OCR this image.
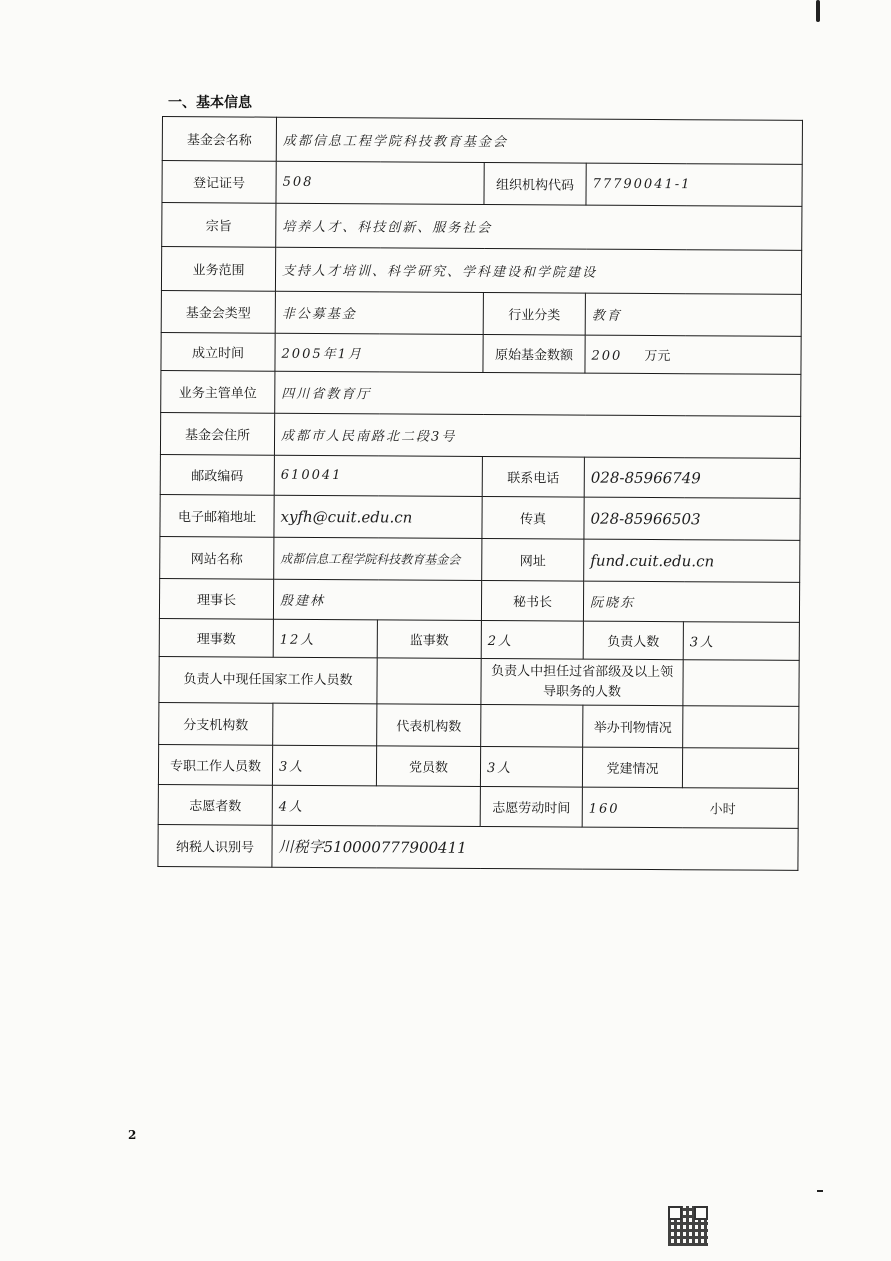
一、基本信息
基金会名称	成都信息工程学院科技教育基金会				
登记证号	508		组织机构代码	77790041-1	
宗旨	培养人才、科技创新、服务社会				
业务范围	支持人才培训、科学研究、学科建设和学院建设				
基金会类型	非公募基金		行业分类	教育	
成立时间	2005年1月		原始基金数额	200 万元	
业务主管单位	四川省教育厅				
基金会住所	成都市人民南路北二段3号				
邮政编码	610041		联系电话	028-85966749	
电子邮箱地址	xyfh@cuit.edu.cn		传真	028-85966503	
网站名称	成都信息工程学院科技教育基金会		网址	fund.cuit.edu.cn	
理事长	殷建林		秘书长	阮晓东	
理事数	12人	监事数	2人	负责人数	3人
负责人中现任国家工作人员数			负责人中担任过省部级及以上领导职务的人数		
分支机构数		代表机构数		举办刊物情况	
专职工作人员数	3人	党员数	3人	党建情况	
志愿者数	4人		志愿劳动时间	160 小时	
纳税人识别号	川税字510000777900411				
2
